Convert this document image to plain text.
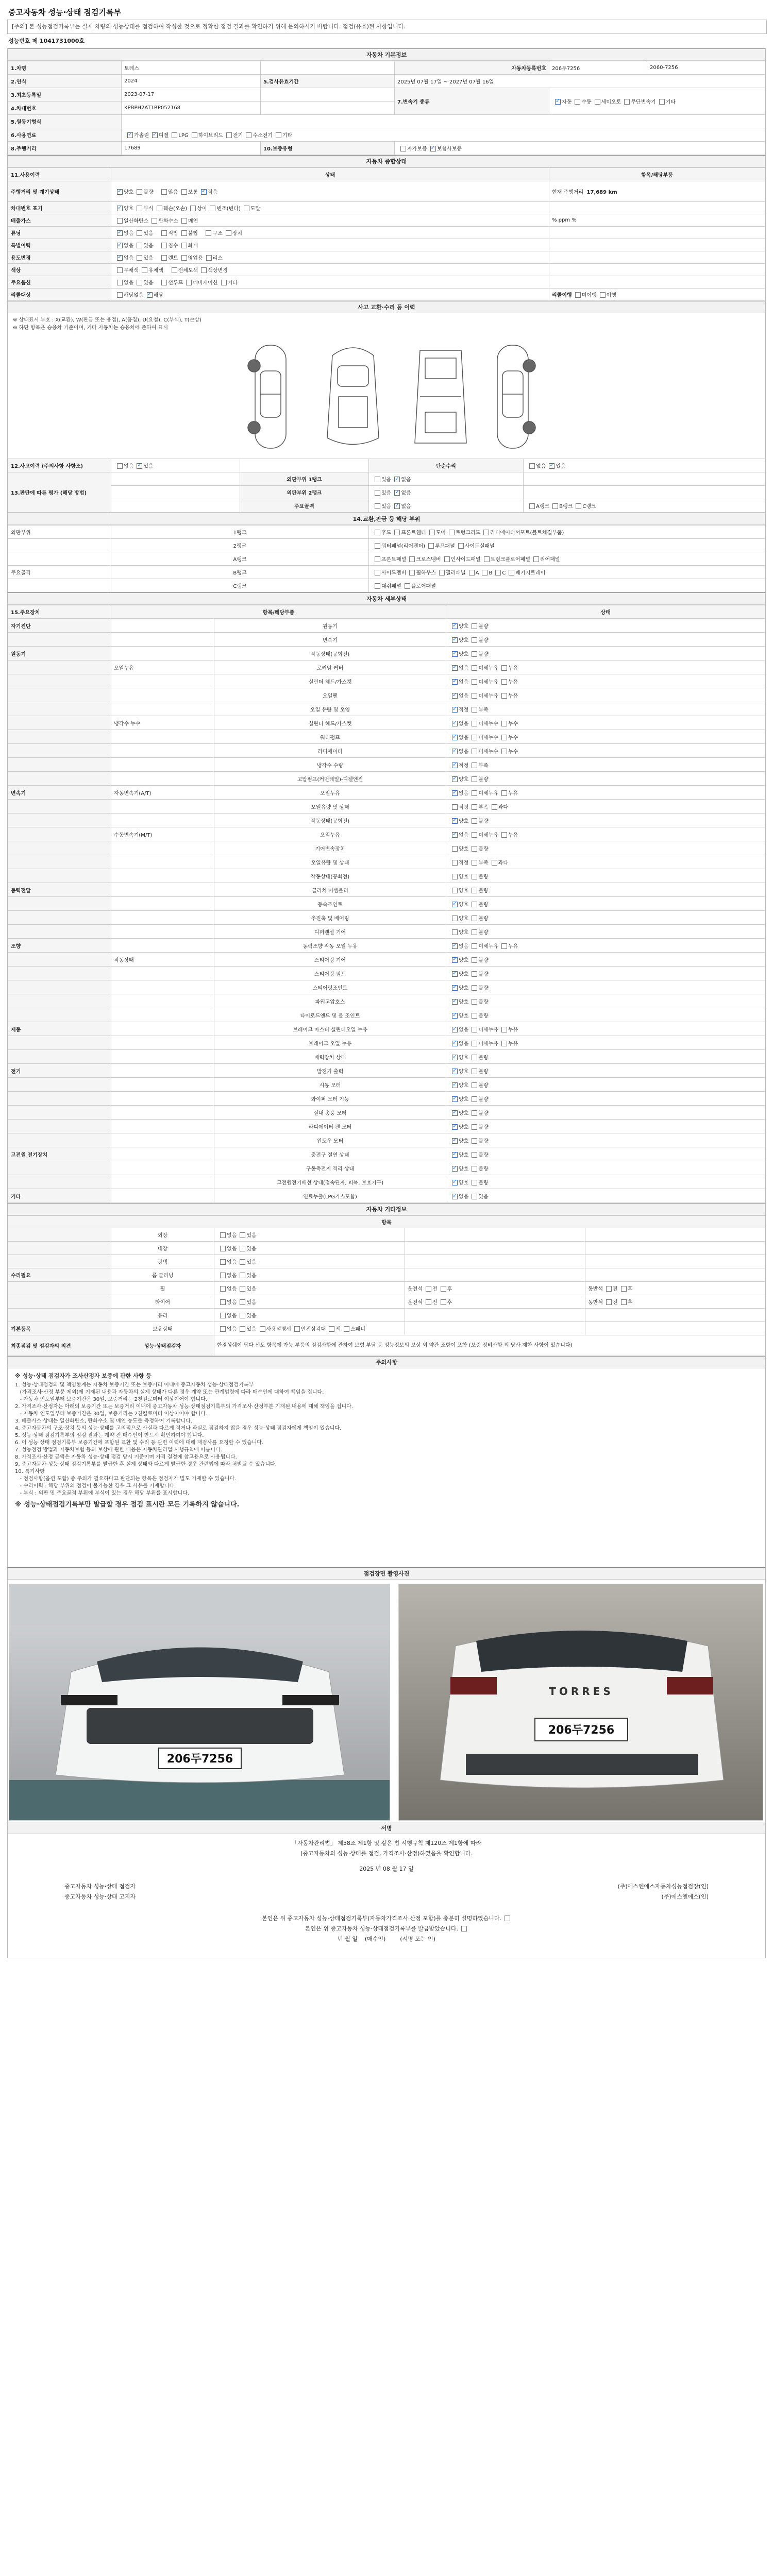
중고자동차 성능·상태 점검기록부
[주의] 본 성능점검기록부는 실제 차량의 성능상태를 점검하여 작성한 것으로 정확한 점검 결과를 확인하기 위해 문의하시기 바랍니다. 점검(유효)된 사항입니다.
성능번호 제 1041731000호
자동차 기본정보
1.차명	토레스		자동차등록번호	206두7256	2060-7256
2.연식	2024	5.검사유효기간	2025년 07월 17일 ~ 2027년 07월 16일		
3.최초등록일	2023-07-17		7.변속기 종류	✓자동 수동 세미오토 무단변속기 기타
4.차대번호	KPBPH2AT1RP052168				
5.원동기형식					
6.사용연료	✓가솔린 ✓ 디젤 LPG 하이브리드 전기 수소전기 기타
8.주행거리	17689	10.보증유형	자가보증 ✓ 보험사보증
자동차 종합상태
11.사용이력	상태	항목/해당부품
주행거리 및 계기상태	✓양호 불량 많음 보통 ✓ 적음	현재 주행거리  17,689 km
차대번호 표기	✓양호 부식 훼손(오손) 상이 변조(변타) 도말	
배출가스	일산화탄소 탄화수소 매연	% ppm %
튜닝	✓없음 있음 적법 불법 구조 장치	
특별이력	✓없음 있음 침수 화재	
용도변경	✓없음 있음 렌트 영업용 리스	
색상	무채색 유채색 전체도색 색상변경	
주요옵션	없음 있음 선루프 네비게이션 기타	
리콜대상	해당없음 ✓ 해당	리콜이행 미이행 이행
사고 교환·수리 등 이력
※ 상태표시 부호 : X(교환), W(판금 또는 용접), A(흠집), U(요철), C(부식), T(손상)
※ 하단 항목은 승용차 기준이며, 기타 자동차는 승용차에 준하여 표시
12.사고이력 (주의사항 사항조)	없음 ✓ 있음		단순수리	없음 ✓ 있음
13.판단에 따른 평가 (해당 방법)		외판부위 1랭크	있음 ✓ 없음	
		외판부위 2랭크	있음 ✓ 없음	
		주요골격	있음 ✓ 없음	A랭크 B랭크 C랭크
14.교환,판금 등 해당 부위
외판부위	1랭크	후드 프론트휀더 도어 트렁크리드 라디에이터서포트(볼트체결부품)
	2랭크	쿼터패널(리어펜더) 루프패널 사이드실패널
	A랭크	프론트패널 크로스멤버 인사이드패널 트렁크플로어패널 리어패널
주요골격	B랭크	사이드멤버 휠하우스 필러패널 A B C 패키지트레이
	C랭크	대쉬패널 플로어패널
자동차 세부상태
15.주요장치	항목/해당부품		상태
자기진단		원동기	✓양호 불량
		변속기	✓양호 불량
원동기		작동상태(공회전)	✓양호 불량
	오일누유	로커암 커버	✓없음 미세누유 누유
		실린더 헤드/가스켓	✓없음 미세누유 누유
		오일팬	✓없음 미세누유 누유
		오일 유량 및 오염	✓적정 부족
	냉각수 누수	실린더 헤드/가스켓	✓없음 미세누수 누수
		워터펌프	✓없음 미세누수 누수
		라디에이터	✓없음 미세누수 누수
		냉각수 수량	✓적정 부족
		고압펌프(커먼레일)-디젤엔진	✓양호 불량
변속기	자동변속기(A/T)	오일누유	✓없음 미세누유 누유
		오일유량 및 상태	적정 부족 과다
		작동상태(공회전)	✓양호 불량
	수동변속기(M/T)	오일누유	✓없음 미세누유 누유
		기어변속장치	양호 불량
		오일유량 및 상태	적정 부족 과다
		작동상태(공회전)	양호 불량
동력전달		클러치 어셈블리	양호 불량
		등속조인트	✓양호 불량
		추진축 및 베어링	양호 불량
		디퍼렌셜 기어	양호 불량
조향		동력조향 작동 오일 누유	✓없음 미세누유 누유
	작동상태	스티어링 기어	✓양호 불량
		스티어링 펌프	✓양호 불량
		스티어링조인트	✓양호 불량
		파워고압호스	✓양호 불량
		타이로드엔드 및 볼 조인트	✓양호 불량
제동		브레이크 마스터 실린더오일 누유	✓없음 미세누유 누유
		브레이크 오일 누유	✓없음 미세누유 누유
		배력장치 상태	✓양호 불량
전기		발전기 출력	✓양호 불량
		시동 모터	✓양호 불량
		와이퍼 모터 기능	✓양호 불량
		실내 송풍 모터	✓양호 불량
		라디에이터 팬 모터	✓양호 불량
		윈도우 모터	✓양호 불량
고전원 전기장치		충전구 절연 상태	✓양호 불량
		구동축전지 격리 상태	✓양호 불량
		고전원전기배선 상태(접속단자, 피복, 보호기구)	✓양호 불량
기타		연료누출(LPG가스포함)	✓없음 있음
자동차 기타정보
항목				
	외장	없음 있음		
	내장	없음 있음		
	광택	없음 있음		
수리필요	룸 클리닝	없음 있음		
	휠	없음 있음	운전석 전 후	동반석 전 후
	타이어	없음 있음	운전석 전 후	동반석 전 후
	유리	없음 있음		
기본품목	보유상태	없음 있음 사용설명서 안전삼각대 잭 스패너		
최종점검 및 점검자의 의견	성능·상태점검자	한경성쉐이 탑다 선도 항목에 가능 부품의 점검사항에 관하여 보험 부담 등 성능정보의 보상 외 약관 조항이 포함 (보증 정비사항 외 당사 제한 사항이 있습니다)		
주의사항
※ 성능·상태 점검자가 조사산정자 보증에 관한 사항 등
1. 성능·상태점검의 및 책임한계는 자동차 보증기간 또는 보증거리 이내에 중고자동차 성능·상태점검기록부
(가격조사·산정 부문 제외)에 기재된 내용과 자동차의 실제 상태가 다른 경우 계약 또는 관계법령에 따라 매수인에 대하여 책임을 집니다.
- 자동차 인도일부터 보증기간은 30일, 보증거리는 2천킬로미터 이상이어야 합니다.
2. 가격조사·산정자는 아래의 보증기간 또는 보증거리 이내에 중고자동차 성능·상태점검기록부의 가격조사·산정부분 기재된 내용에 대해 책임을 집니다.
- 자동차 인도일부터 보증기간은 30일, 보증거리는 2천킬로미터 이상이어야 합니다.
3. 배출가스 상태는 일산화탄소, 탄화수소 및 매연 농도를 측정하여 기록합니다.
4. 중고자동차의 구조·장치 등의 성능·상태를 고의적으로 사실과 다르게 적거나 과실로 점검하지 않을 경우 성능·상태 점검자에게 책임이 있습니다.
5. 성능·상태 점검기록부의 점검 결과는 계약 전 매수인이 반드시 확인하여야 합니다.
6. 이 성능·상태 점검기록부 보증기간에 포함된 교환 및 수리 등 관련 이력에 대해 재검사를 요청할 수 있습니다.
7. 성능점검 방법과 자동차보험 등의 보상에 관한 내용은 자동차관리법 시행규칙에 따릅니다.
8. 가격조사·산정 금액은 자동차 성능·상태 점검 당시 기준이며 가격 결정에 참고용으로 사용됩니다.
9. 중고자동차 성능·상태 점검기록부를 발급한 후 실제 상태와 다르게 발급한 경우 관련법에 따라 처벌될 수 있습니다.
10. 특기사항
- 점검사항(옵션 포함) 중 주의가 필요하다고 판단되는 항목은 점검자가 별도 기재할 수 있습니다.
- 수리이력 : 해당 부위의 점검이 불가능한 경우 그 사유를 기재합니다.
- 부식 : 외판 및 주요골격 부위에 부식이 있는 경우 해당 부위를 표시합니다.
※ 성능·상태점검기록부만 발급할 경우 점검 표시란 모든 기록하지 않습니다.
점검장면 촬영사진
206두7256
TORRES
206두7256
서명
「자동차관리법」 제58조 제1항 및 같은 법 시행규칙 제120조 제1항에 따라
(중고자동차의 성능·상태를 점검, 가격조사·산정)하였음을 확인합니다.
2025 년 08 월 17 일
중고자동차 성능·상태 점검자
중고자동차 성능·상태 고지자
(주)에스엔에스자동차성능점검장(인)
(주)에스엔에스(인)
본인은 위 중고자동차 성능·상태점검기록부(자동차가격조사·산정 포함)를 충분히 설명하였습니다.
본인은 위 중고자동차 성능·상태점검기록부를 발급받았습니다.
년 월 일 (매수인)	(서명 또는 인)
